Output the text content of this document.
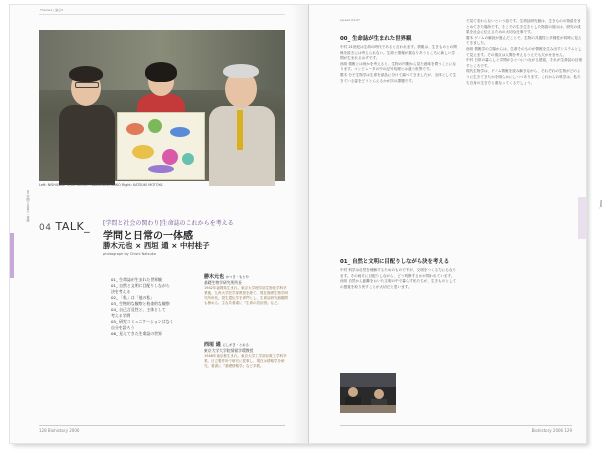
Theme1 | 論点3
spread 04-07
Left: NISHIGAKI TORU Center: NAKAMURA KEIKO Right: KATSUKI MOTOYA
04 学問と日常の一体感
04 TALK_ [学問と社会の関わり]生命誌のこれからを考える
学問と日常の一体感
勝木元也 × 西垣 通 × 中村桂子
photograph by Chishi Natsuko
01_ 生命誌が生まれた世界観
01_ 自然と文明に目配りしながら
決を考える
02_ 「私」は「他の私」
03_ 生物的な観察と枝束的な観察
04_ 自己言及性と、主体として
考える学問
05_ 研究コミュニケーションはなく
自分を語ろう
06_ 見えてきた生命誌の世界
勝木元也 かつき・もとや
基礎生物学研究所所長
1942年福岡県生まれ。東京大学理学部生物化学科卒業後、九州大学医学部教授を経て、現在基礎生物学研究所所長。発生遺伝学を専門とし、生命誌研究館顧問も務める。主な共著書に『生命の設計図』など。
西垣 通 にしがき・とおる
東京大学大学院情報学環教授
1948年東京都生まれ。東京大学工学部計数工学科卒業。日立製作所で研究に従事し、現在は情報学を研究。著書に『基礎情報学』など多数。
00_ 生命誌が生まれた世界観

中村 21世紀は生命の時代であると言われます。情報は、生きものとの関係を抜きには考えられない。生命と情報が重なりあうところに新しい学問が生まれるはずです。

西垣 情報とは何かを考えると、生物の内側から見た意味を問うことになります。コンピュータの中の記号処理とは違う世界です。

勝木 分子生物学は生命を部品に分けて調べてきましたが、全体として生きている姿をどうとらえるかが次の課題です。

01_ 自然と文明に目配りしながら決を考える

中村 科学は自然を理解するためのものですが、文明をつくる力にもなります。その両方に目配りしながら、どう判断するかが問われています。

西垣 自然から距離をおいた文明の中で暮らす私たちが、生きものとしての感覚を取り戻すことが大切だと思います。

で見て変わらないという話です。生命誌研究館は、生きものの物語をまとめてきた場所です。そこでの生き生きとした物語の展示は、研究の成果を社会に伝えるための大切な仕事です。

勝木 ゲノムの解読が進んだことで、生物の共通性と多様性が同時に見えてきました。

西垣 情報学の立場からは、生命そのものが情報を生み出すシステムとして見えます。その視点は人間を考えるうえでも欠かせません。

中村 日常の暮らしと学問がひとつにつながる感覚、それが生命誌の目指すところです。

現代生物学は、ゲノム情報を読み解きながら、それぞれの生物がどのように生きてきたかを明らかにしつつあります。これからの科学は、私たち自身の生き方と重なってくるでしょう。

TALK_
128 Biohistory 2006	Biohistory 2006 129
